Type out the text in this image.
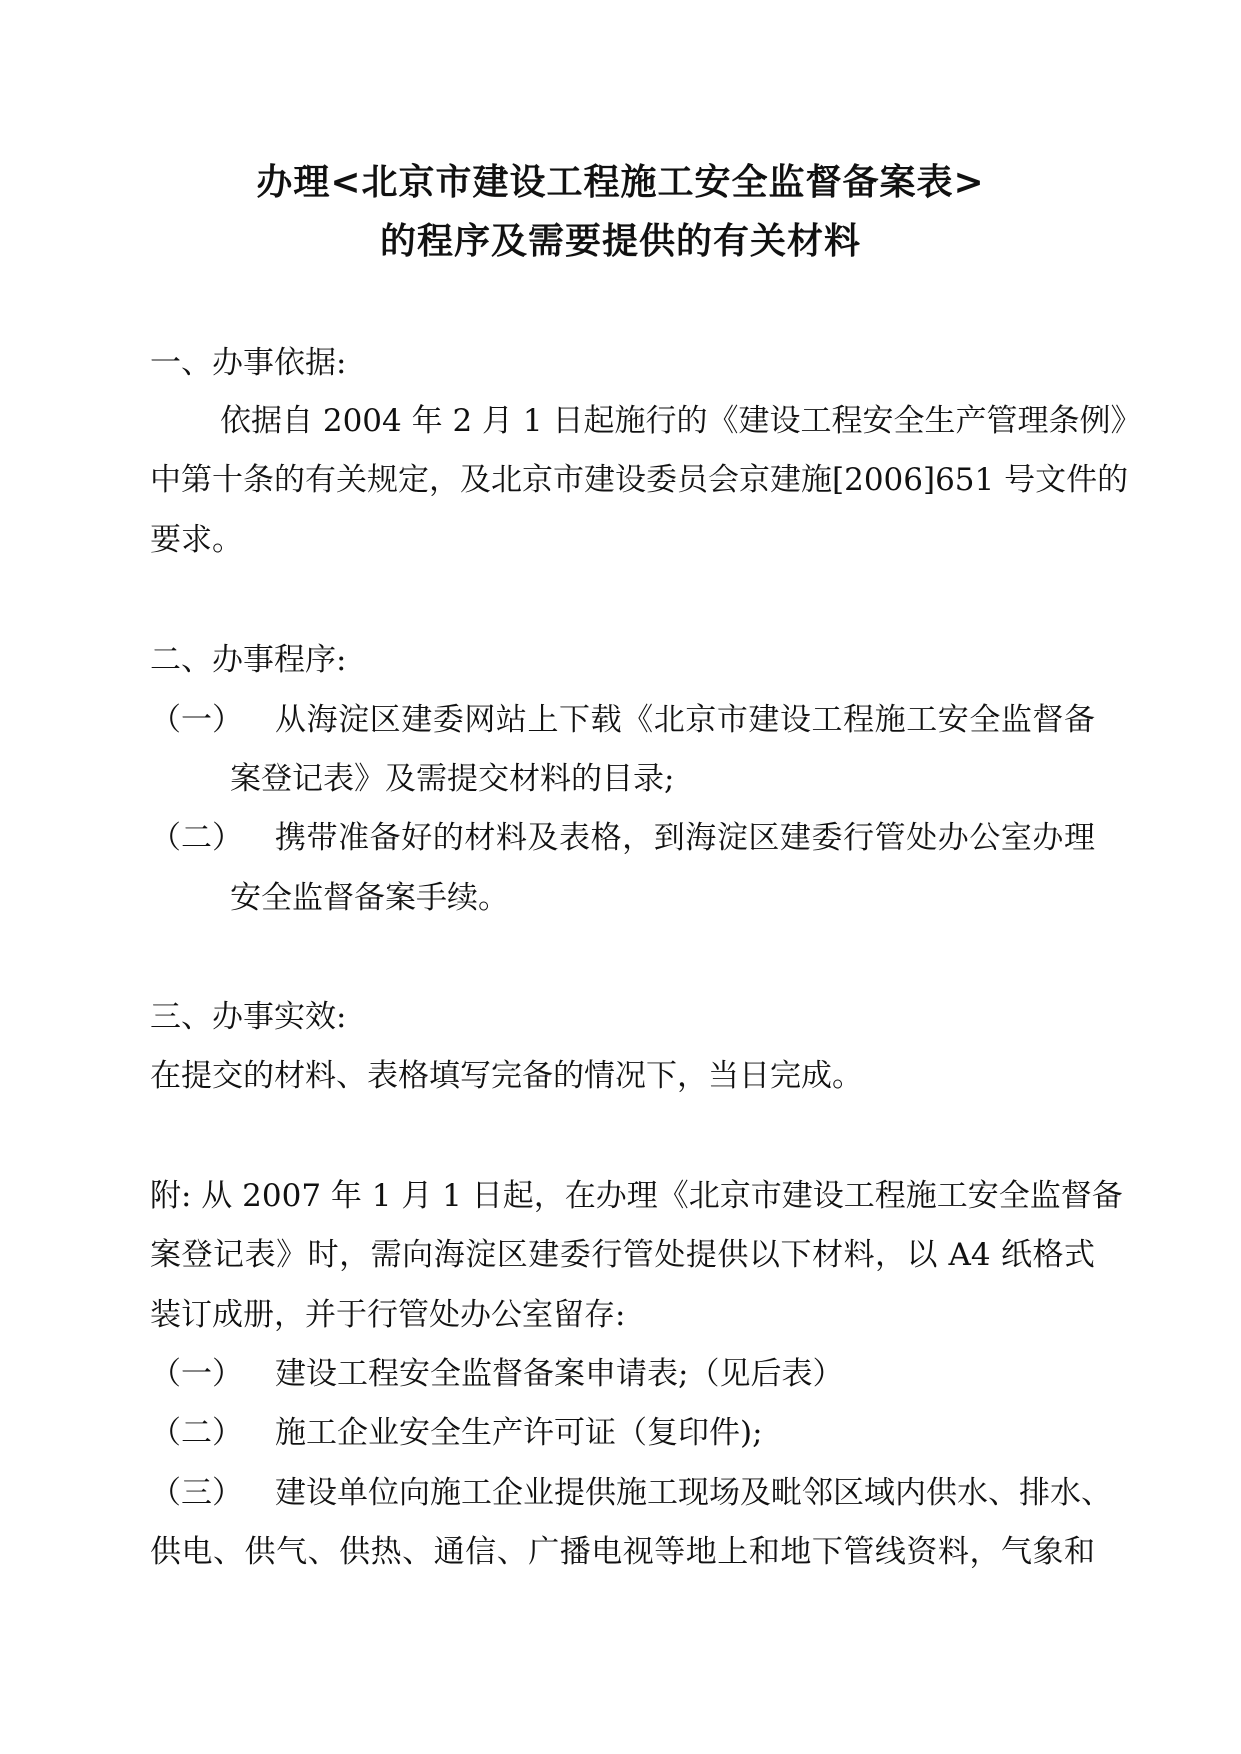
办理<北京市建设工程施工安全监督备案表>
的程序及需要提供的有关材料
一、办事依据:
依据自 2004 年 2 月 1 日起施行的《建设工程安全生产管理条例》
中第十条的有关规定，及北京市建设委员会京建施[2006]651 号文件的
要求。
二、办事程序:
（一） 从海淀区建委网站上下载《北京市建设工程施工安全监督备
案登记表》及需提交材料的目录;
（二） 携带准备好的材料及表格，到海淀区建委行管处办公室办理
安全监督备案手续。
三、办事实效:
在提交的材料、表格填写完备的情况下，当日完成。
附: 从 2007 年 1 月 1 日起，在办理《北京市建设工程施工安全监督备
案登记表》时，需向海淀区建委行管处提供以下材料，以 A4 纸格式
装订成册，并于行管处办公室留存:
（一） 建设工程安全监督备案申请表;（见后表）
（二） 施工企业安全生产许可证（复印件);
（三） 建设单位向施工企业提供施工现场及毗邻区域内供水、排水、
供电、供气、供热、通信、广播电视等地上和地下管线资料，气象和
